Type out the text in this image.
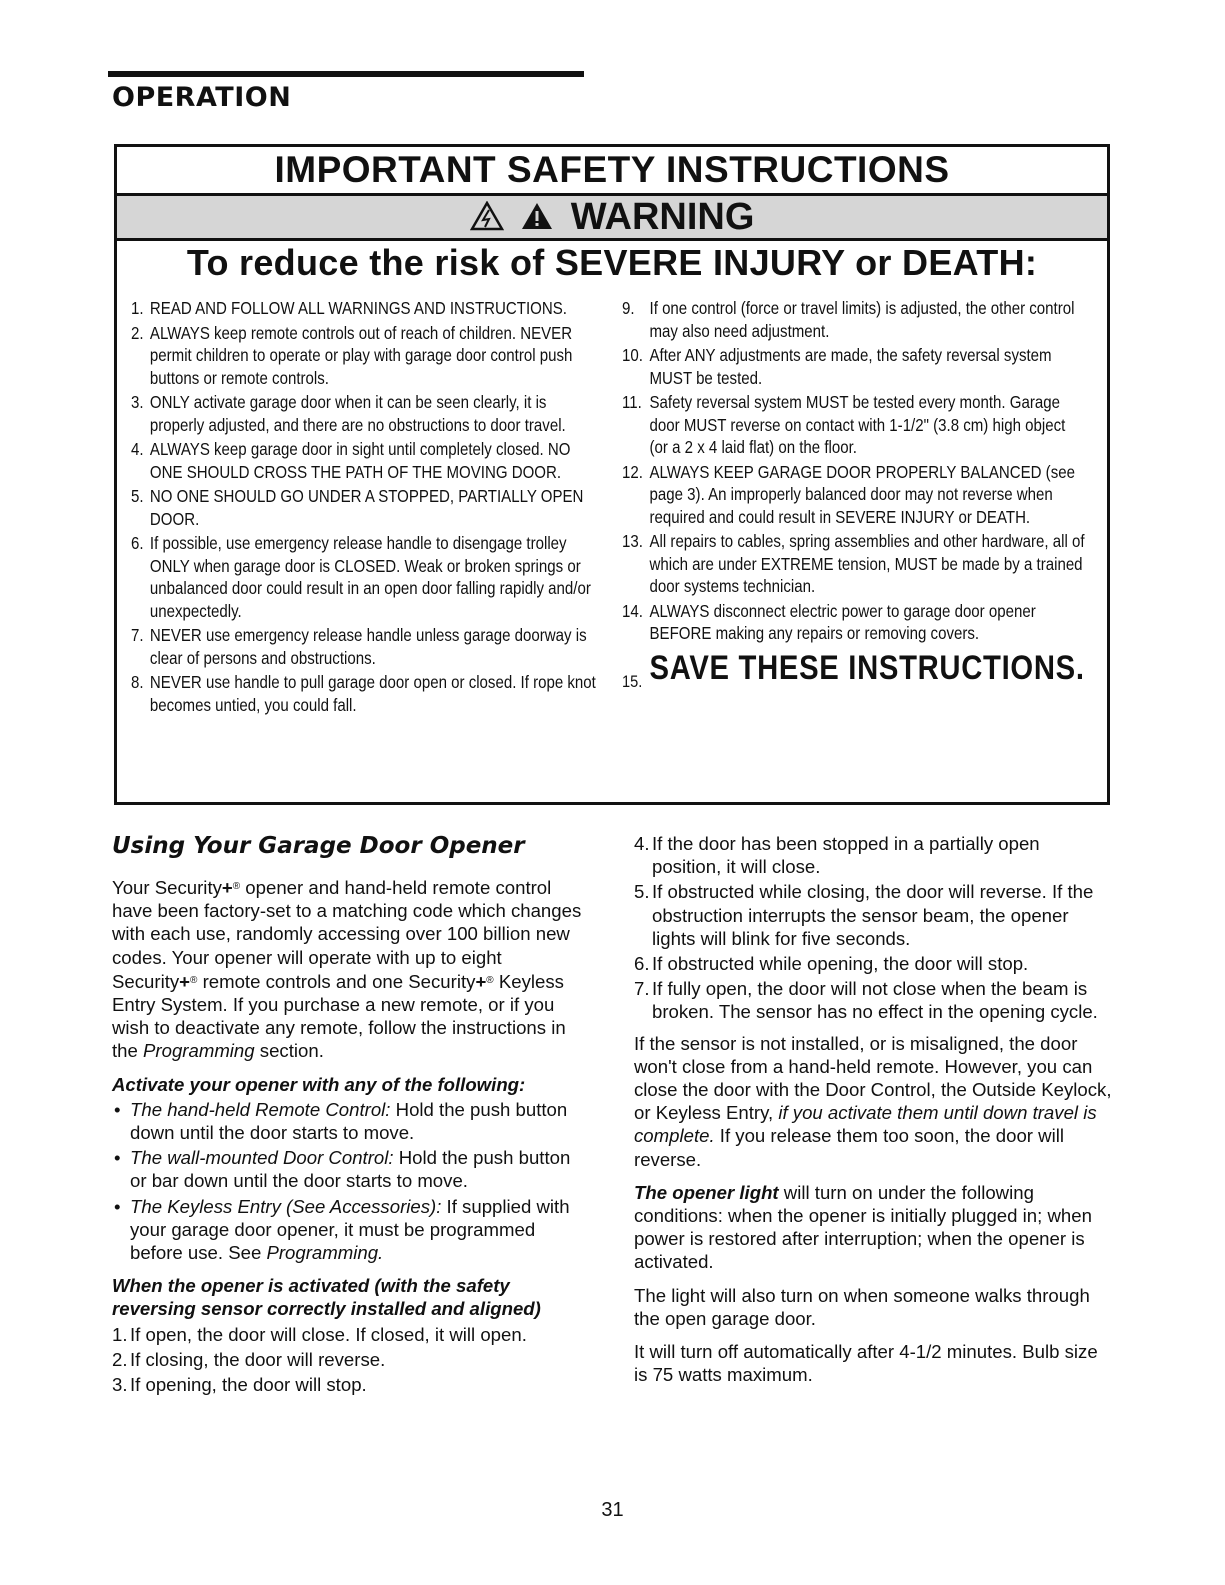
OPERATION
IMPORTANT SAFETY INSTRUCTIONS

WARNING
To reduce the risk of SEVERE INJURY or DEATH:
1. READ AND FOLLOW ALL WARNINGS AND INSTRUCTIONS.
2. ALWAYS keep remote controls out of reach of children. NEVER permit children to operate or play with garage door control push buttons or remote controls.
3. ONLY activate garage door when it can be seen clearly, it is properly adjusted, and there are no obstructions to door travel.
4. ALWAYS keep garage door in sight until completely closed. NO ONE SHOULD CROSS THE PATH OF THE MOVING DOOR.
5. NO ONE SHOULD GO UNDER A STOPPED, PARTIALLY OPEN DOOR.
6. If possible, use emergency release handle to disengage trolley ONLY when garage door is CLOSED. Weak or broken springs or unbalanced door could result in an open door falling rapidly and/or unexpectedly.
7. NEVER use emergency release handle unless garage doorway is clear of persons and obstructions.
8. NEVER use handle to pull garage door open or closed. If rope knot becomes untied, you could fall.
9. If one control (force or travel limits) is adjusted, the other control may also need adjustment.
10. After ANY adjustments are made, the safety reversal system MUST be tested.
11. Safety reversal system MUST be tested every month. Garage door MUST reverse on contact with 1-1/2" (3.8 cm) high object (or a 2 x 4 laid flat) on the floor.
12. ALWAYS KEEP GARAGE DOOR PROPERLY BALANCED (see page 3). An improperly balanced door may not reverse when required and could result in SEVERE INJURY or DEATH.
13. All repairs to cables, spring assemblies and other hardware, all of which are under EXTREME tension, MUST be made by a trained door systems technician.
14. ALWAYS disconnect electric power to garage door opener BEFORE making any repairs or removing covers.
15. SAVE THESE INSTRUCTIONS.
Using Your Garage Door Opener

Your Security+® opener and hand-held remote control have been factory-set to a matching code which changes with each use, randomly accessing over 100 billion new codes. Your opener will operate with up to eight Security+® remote controls and one Security+® Keyless Entry System. If you purchase a new remote, or if you wish to deactivate any remote, follow the instructions in the Programming section.

Activate your opener with any of the following:
• The hand-held Remote Control: Hold the push button down until the door starts to move.
• The wall-mounted Door Control: Hold the push button or bar down until the door starts to move.
• The Keyless Entry (See Accessories): If supplied with your garage door opener, it must be programmed before use. See Programming.
When the opener is activated (with the safety reversing sensor correctly installed and aligned)
1. If open, the door will close. If closed, it will open.
2. If closing, the door will reverse.
3. If opening, the door will stop.
4. If the door has been stopped in a partially open position, it will close.
5. If obstructed while closing, the door will reverse. If the obstruction interrupts the sensor beam, the opener lights will blink for five seconds.
6. If obstructed while opening, the door will stop.
7. If fully open, the door will not close when the beam is broken. The sensor has no effect in the opening cycle.

If the sensor is not installed, or is misaligned, the door won't close from a hand-held remote. However, you can close the door with the Door Control, the Outside Keylock, or Keyless Entry, if you activate them until down travel is complete. If you release them too soon, the door will reverse.

The opener light will turn on under the following conditions: when the opener is initially plugged in; when power is restored after interruption; when the opener is activated.

The light will also turn on when someone walks through the open garage door.

It will turn off automatically after 4-1/2 minutes. Bulb size is 75 watts maximum.

31
